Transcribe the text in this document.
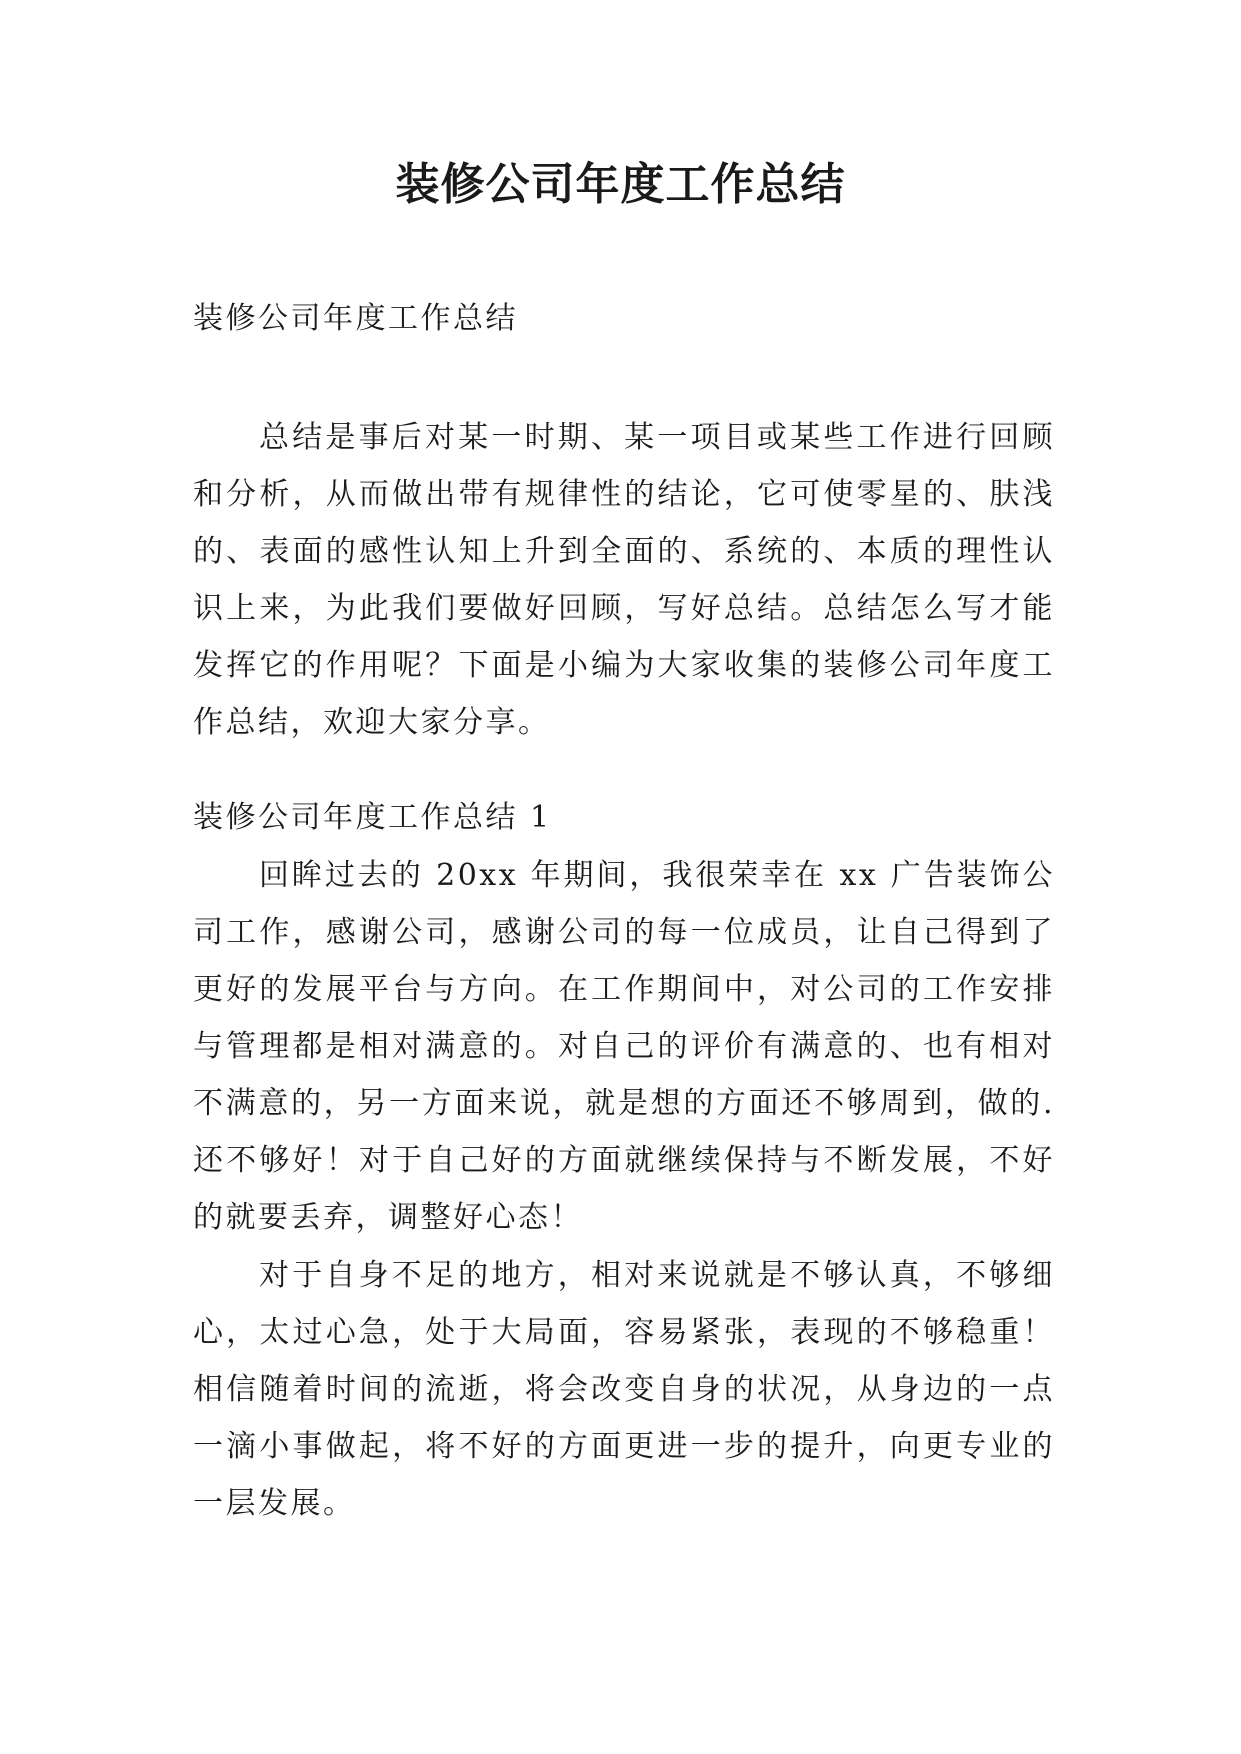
装修公司年度工作总结

装修公司年度工作总结

总结是事后对某一时期、某一项目或某些工作进行回顾和分析，从而做出带有规律性的结论，它可使零星的、肤浅的、表面的感性认知上升到全面的、系统的、本质的理性认识上来，为此我们要做好回顾，写好总结。总结怎么写才能发挥它的作用呢？下面是小编为大家收集的装修公司年度工作总结，欢迎大家分享。

装修公司年度工作总结 1

回眸过去的 20xx 年期间，我很荣幸在 xx 广告装饰公司工作，感谢公司，感谢公司的每一位成员，让自己得到了更好的发展平台与方向。在工作期间中，对公司的工作安排与管理都是相对满意的。对自己的评价有满意的、也有相对不满意的，另一方面来说，就是想的方面还不够周到，做的.还不够好！对于自己好的方面就继续保持与不断发展，不好的就要丢弃，调整好心态！

对于自身不足的地方，相对来说就是不够认真，不够细心，太过心急，处于大局面，容易紧张，表现的不够稳重！相信随着时间的流逝，将会改变自身的状况，从身边的一点一滴小事做起，将不好的方面更进一步的提升，向更专业的一层发展。
